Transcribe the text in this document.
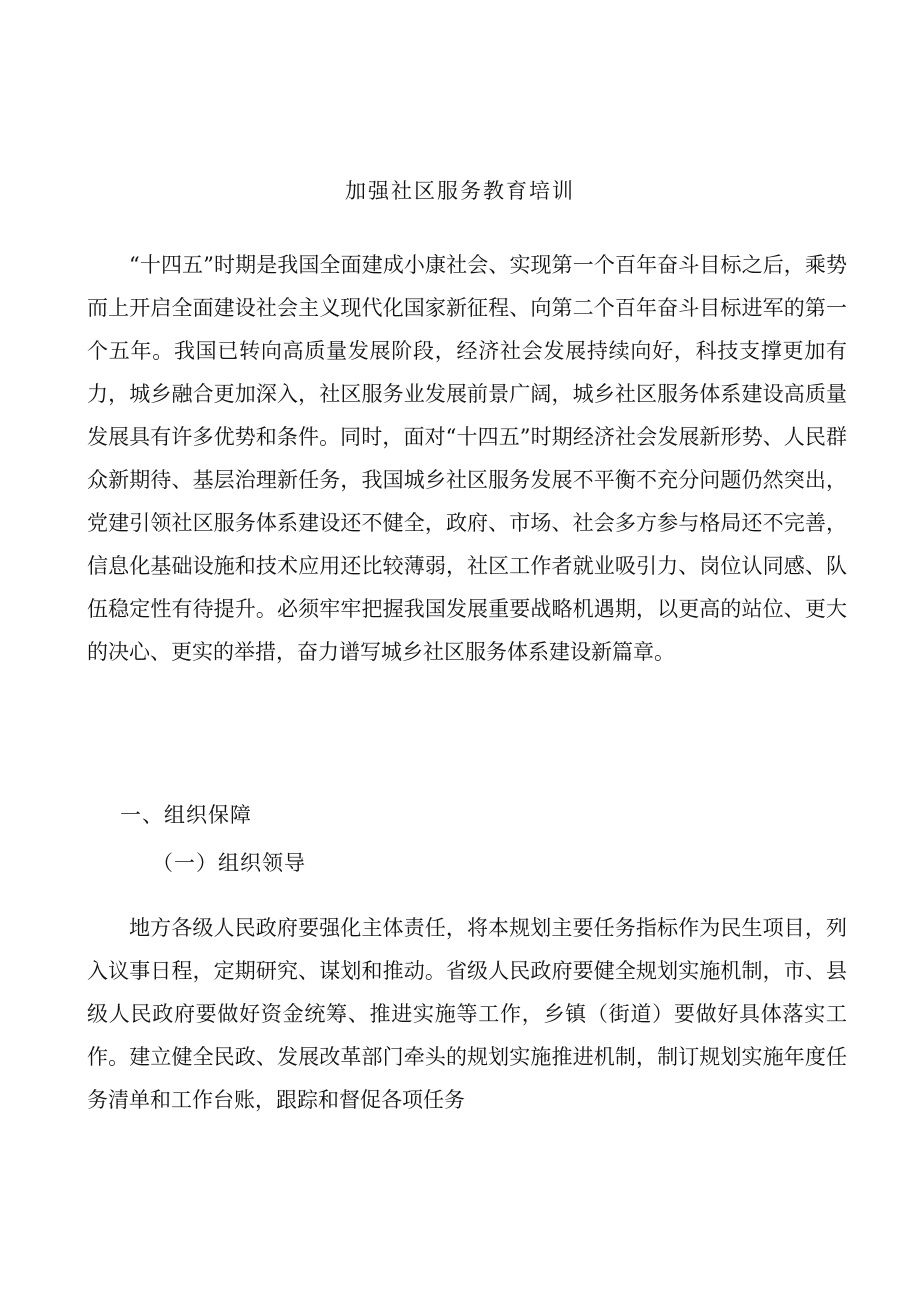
加强社区服务教育培训

“十四五”时期是我国全面建成小康社会、实现第一个百年奋斗目标之后，乘势而上开启全面建设社会主义现代化国家新征程、向第二个百年奋斗目标进军的第一个五年。我国已转向高质量发展阶段，经济社会发展持续向好，科技支撑更加有力，城乡融合更加深入，社区服务业发展前景广阔，城乡社区服务体系建设高质量发展具有许多优势和条件。同时，面对“十四五”时期经济社会发展新形势、人民群众新期待、基层治理新任务，我国城乡社区服务发展不平衡不充分问题仍然突出，党建引领社区服务体系建设还不健全，政府、市场、社会多方参与格局还不完善，信息化基础设施和技术应用还比较薄弱，社区工作者就业吸引力、岗位认同感、队伍稳定性有待提升。必须牢牢把握我国发展重要战略机遇期，以更高的站位、更大的决心、更实的举措，奋力谱写城乡社区服务体系建设新篇章。

一、组织保障
（一）组织领导

地方各级人民政府要强化主体责任，将本规划主要任务指标作为民生项目，列入议事日程，定期研究、谋划和推动。省级人民政府要健全规划实施机制，市、县级人民政府要做好资金统筹、推进实施等工作，乡镇（街道）要做好具体落实工作。建立健全民政、发展改革部门牵头的规划实施推进机制，制订规划实施年度任务清单和工作台账，跟踪和督促各项任务
